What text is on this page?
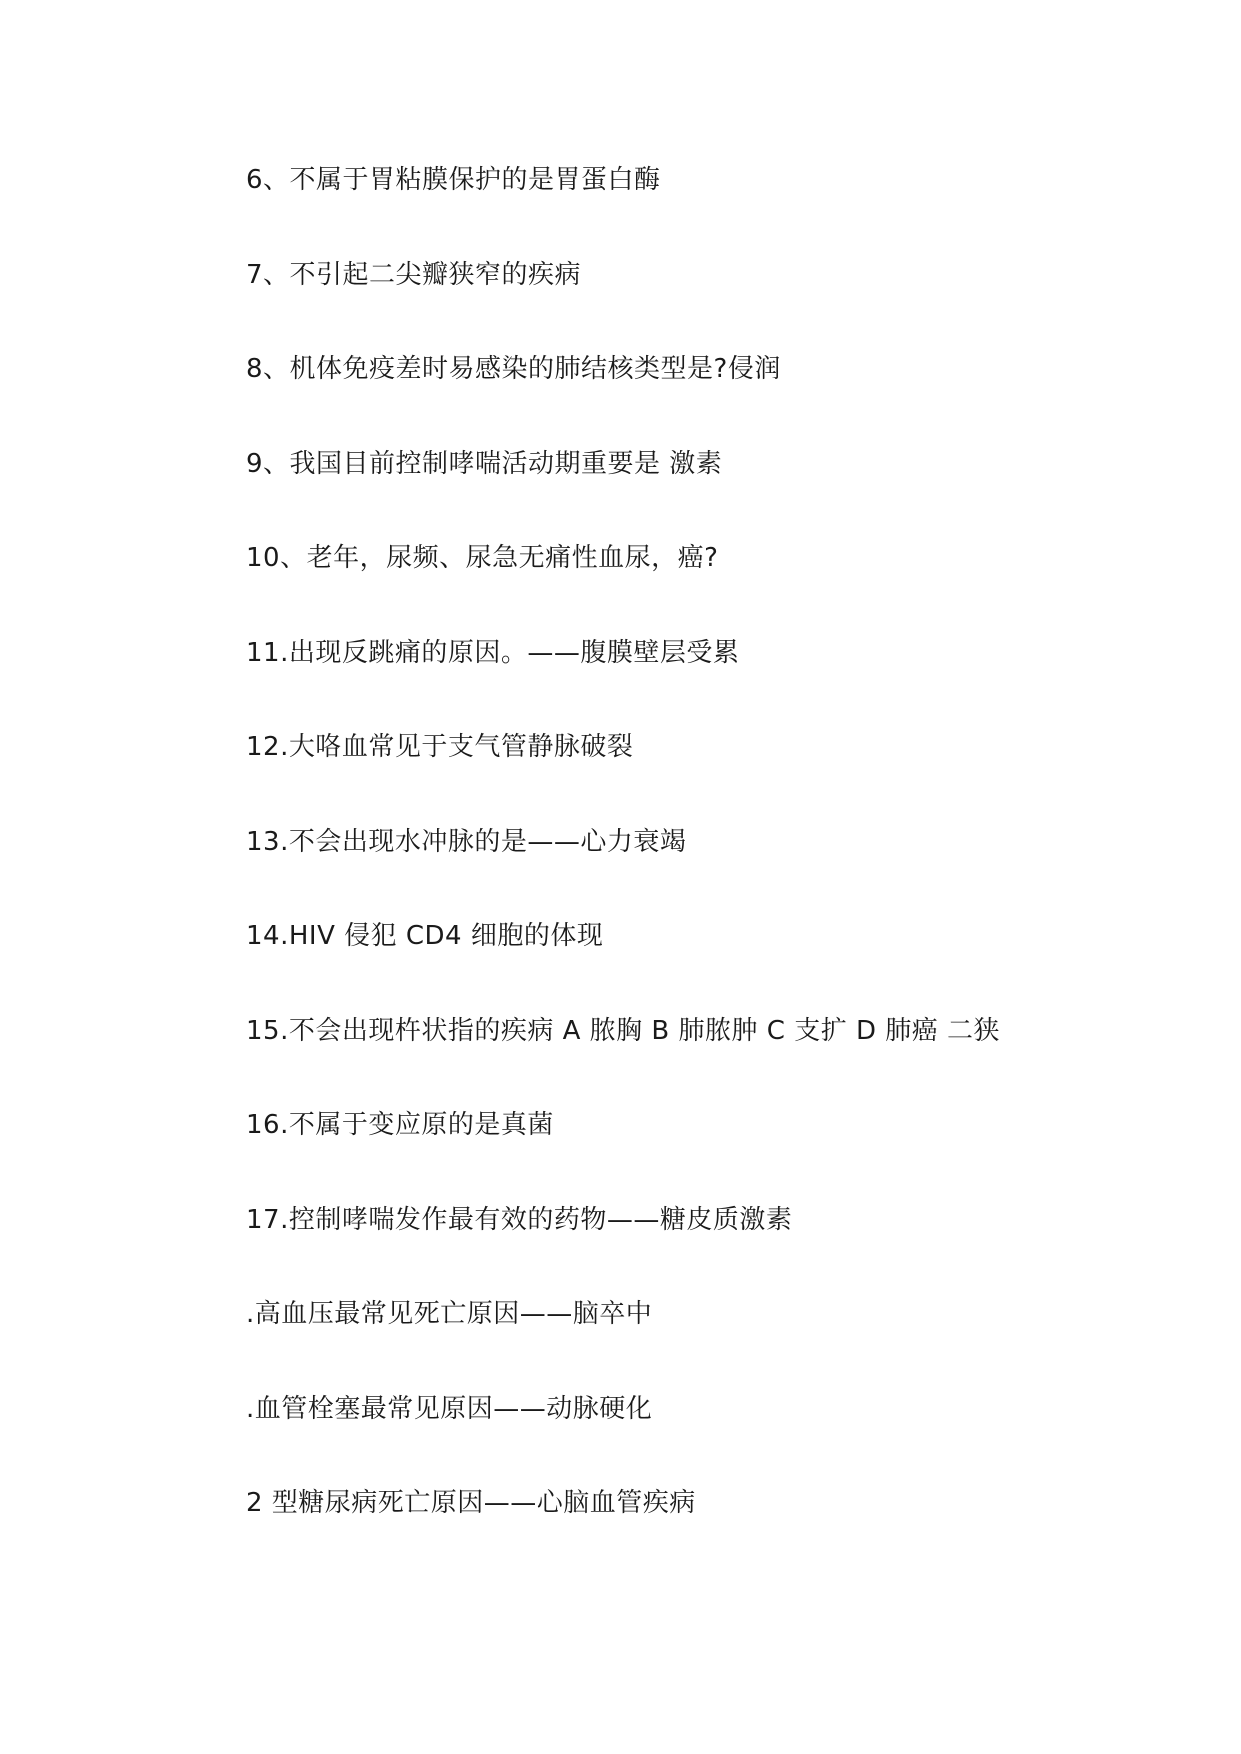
6、不属于胃粘膜保护的是胃蛋白酶
7、不引起二尖瓣狭窄的疾病
8、机体免疫差时易感染的肺结核类型是?侵润
9、我国目前控制哮喘活动期重要是 激素
10、老年，尿频、尿急无痛性血尿，癌?
11.出现反跳痛的原因。——腹膜壁层受累
12.大咯血常见于支气管静脉破裂
13.不会出现水冲脉的是——心力衰竭
14.HIV 侵犯 CD4 细胞的体现
15.不会出现杵状指的疾病 A 脓胸 B 肺脓肿 C 支扩 D 肺癌 二狭
16.不属于变应原的是真菌
17.控制哮喘发作最有效的药物——糖皮质激素
.高血压最常见死亡原因——脑卒中
.血管栓塞最常见原因——动脉硬化
2 型糖尿病死亡原因——心脑血管疾病
